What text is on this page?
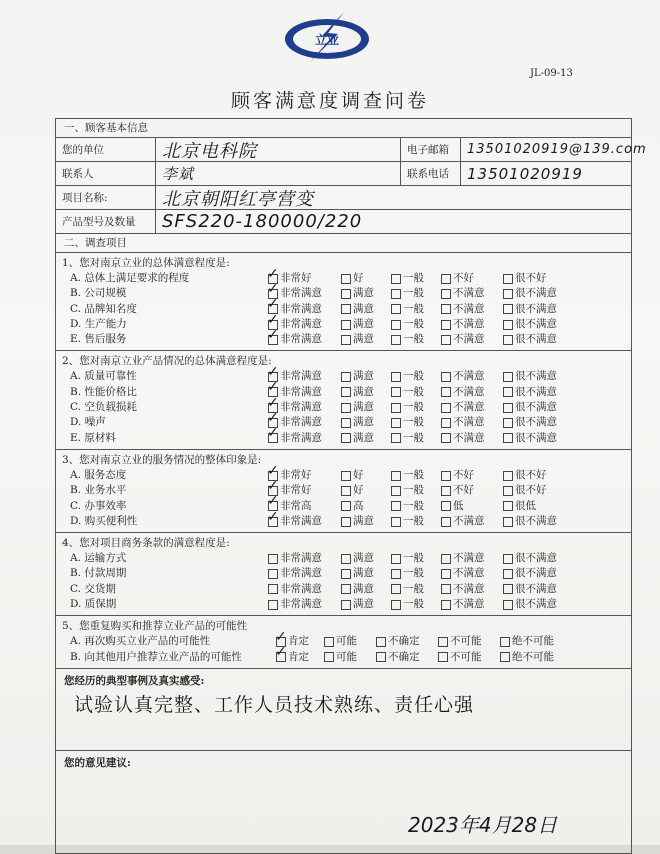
立业
JL-09-13
顾客满意度调查问卷
一、顾客基本信息
您的单位	北京电科院	电子邮箱	13501020919@139.com
联系人	李斌	联系电话	13501020919
项目名称:	北京朝阳红亭营变
产品型号及数量	SFS220-180000/220
二、调查项目
1、您对南京立业的总体满意程度是:
A. 总体上满足要求的程度 ✓	非常好	好	一般	不好	很不好
B. 公司规模 ✓	非常满意	满意	一般	不满意	很不满意
C. 品牌知名度 ✓	非常满意	满意	一般	不满意	很不满意
D. 生产能力 ✓	非常满意	满意	一般	不满意	很不满意
E. 售后服务 ✓	非常满意	满意	一般	不满意	很不满意
2、您对南京立业产品情况的总体满意程度是:
A. 质量可靠性 ✓	非常满意	满意	一般	不满意	很不满意
B. 性能价格比 ✓	非常满意	满意	一般	不满意	很不满意
C. 空负载损耗 ✓	非常满意	满意	一般	不满意	很不满意
D. 噪声 ✓	非常满意	满意	一般	不满意	很不满意
E. 原材料 ✓	非常满意	满意	一般	不满意	很不满意
3、您对南京立业的服务情况的整体印象是:
A. 服务态度 ✓	非常好	好	一般	不好	很不好
B. 业务水平 ✓	非常好	好	一般	不好	很不好
C. 办事效率 ✓	非常高	高	一般	低	很低
D. 购买便利性 ✓	非常满意	满意	一般	不满意	很不满意
4、您对项目商务条款的满意程度是:
A. 运输方式	非常满意	满意	一般	不满意	很不满意
B. 付款周期	非常满意	满意	一般	不满意	很不满意
C. 交货期	非常满意	满意	一般	不满意	很不满意
D. 质保期	非常满意	满意	一般	不满意	很不满意
5、您重复购买和推荐立业产品的可能性
A. 再次购买立业产品的可能性 ✓	肯定	可能	不确定	不可能	绝不可能
B. 向其他用户推荐立业产品的可能性 ✓	肯定	可能	不确定	不可能	绝不可能
您经历的典型事例及真实感受:
试验认真完整、工作人员技术熟练、责任心强
您的意见建议:
2023年4月28日
